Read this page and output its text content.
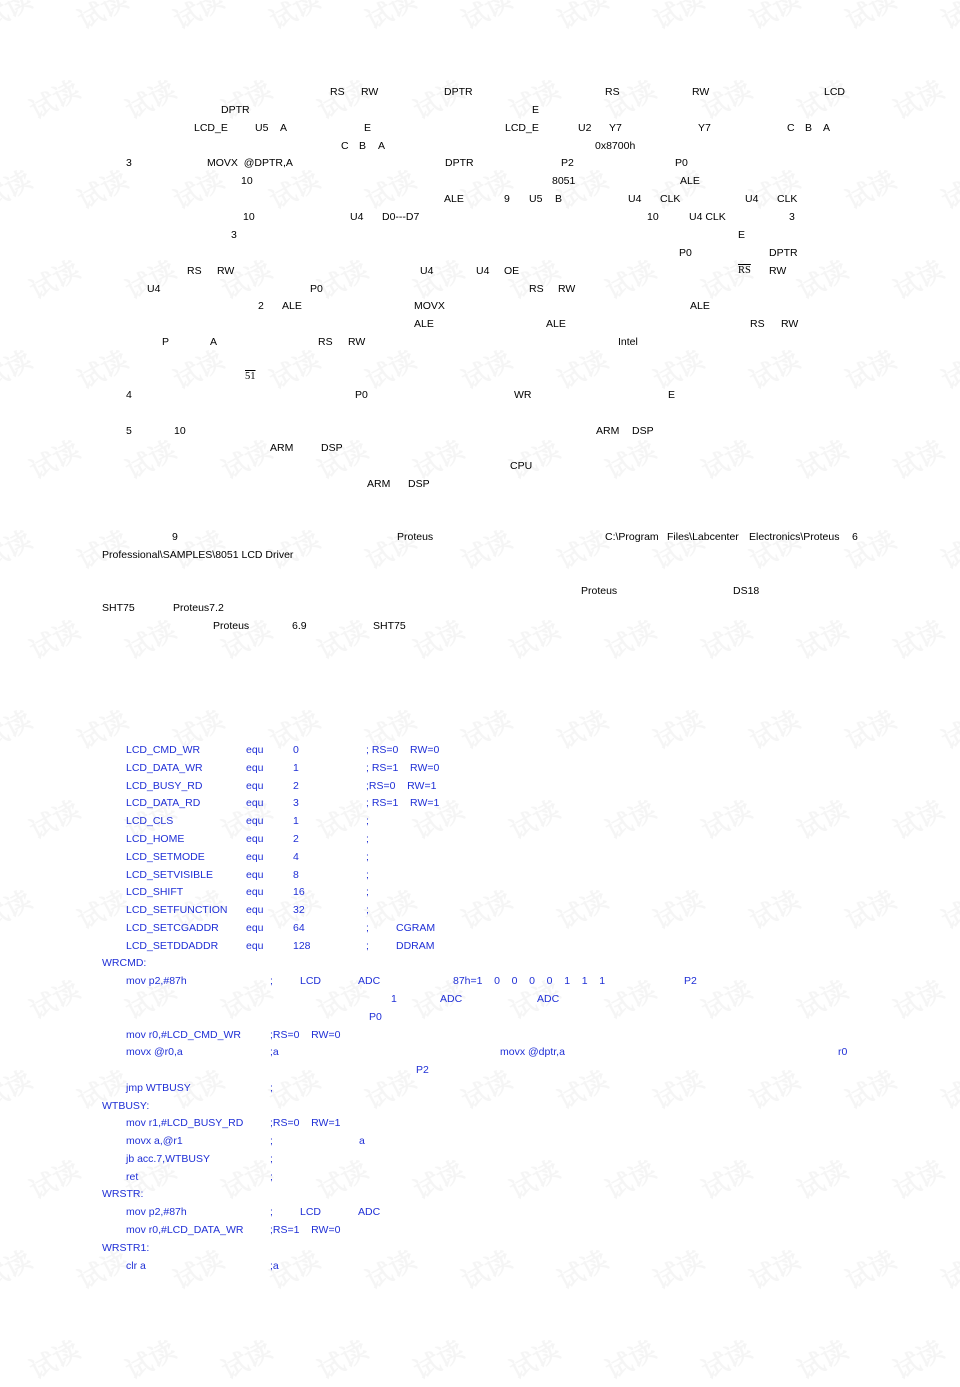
RS RW	DPTR	RS	RW	LCD
DPTR	E
LCD_E	U5 A	E	LCD_E	U2 Y7	Y7	C B A
C B A	0x8700h
3	MOVX  @DPTR,A	DPTR	P2	P0
10	8051	ALE
ALE	9 U5 B	U4 CLK	U4 CLK
10	U4 D0---D7	10	U4 CLK	3
3	E
P0	DPTR
RS RW	U4	U4 OE	$\overline{RS}$ RW
U4	P0	RS RW
2 ALE	MOVX	ALE
ALE	ALE	RS RW
P	A	RS RW	Intel
51
4	P0	WR	E
5	10	ARM DSP
ARM	DSP
CPU
ARM DSP
9	Proteus	C:\Program Files\Labcenter Electronics\Proteus 6
Professional\SAMPLES\8051 LCD Driver
Proteus	DS18
SHT75	Proteus7.2
Proteus	6.9	SHT75
LCD_CMD_WR	equ	0	; RS=0    RW=0
LCD_DATA_WR	equ	1	; RS=1    RW=0
LCD_BUSY_RD	equ	2	;RS=0    RW=1
LCD_DATA_RD	equ	3	; RS=1    RW=1
LCD_CLS	equ	1	;
LCD_HOME	equ	2	;
LCD_SETMODE	equ	4	;
LCD_SETVISIBLE	equ	8	;
LCD_SHIFT	equ	16	;
LCD_SETFUNCTION equ	32	;
LCD_SETCGADDR	equ	64	;	CGRAM
LCD_SETDDADDR	equ	128	;	DDRAM
WRCMD:
mov p2,#87h	;	LCD	ADC	87h=1    0    0    0    0    1    1    1	P2
1	ADC	ADC
P0
mov r0,#LCD_CMD_WR	;RS=0    RW=0
movx @r0,a	;a	movx @dptr,a	r0
P2
jmp WTBUSY	;
WTBUSY:
mov r1,#LCD_BUSY_RD	;RS=0    RW=1
movx a,@r1	;	a
jb acc.7,WTBUSY	;
ret	;
WRSTR:
mov p2,#87h	;	LCD	ADC
mov r0,#LCD_DATA_WR	;RS=1    RW=0
WRSTR1:
clr a	;a
